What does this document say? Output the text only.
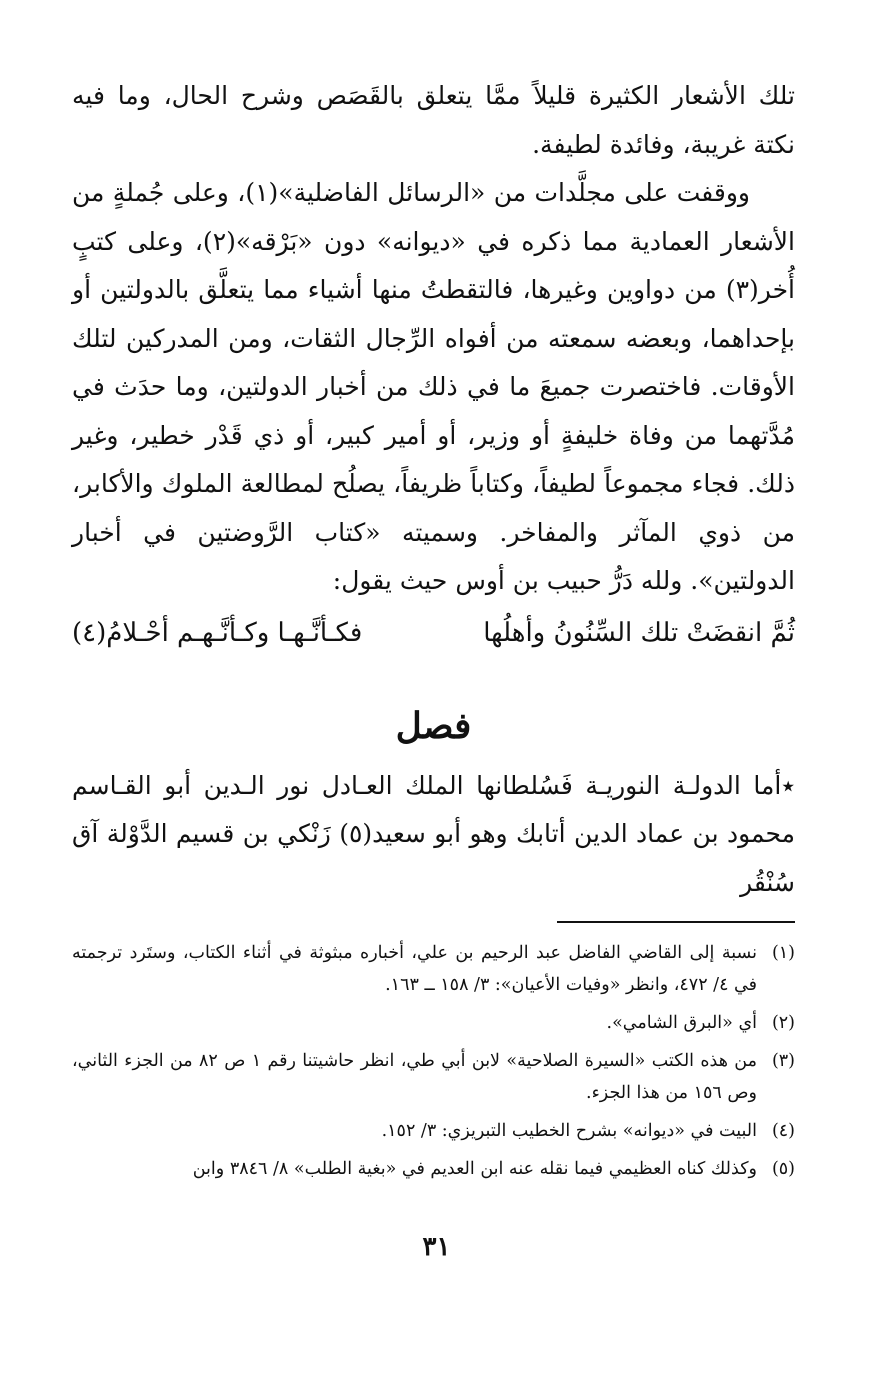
تلك الأشعار الكثيرة قليلاً ممَّا يتعلق بالقَصَص وشرح الحال، وما فيه نكتة غريبة، وفائدة لطيفة.

ووقفت على مجلَّدات من «الرسائل الفاضلية»(١)، وعلى جُملةٍ من الأشعار العمادية مما ذكره في «ديوانه» دون «بَرْقه»(٢)، وعلى كتبٍ أُخر(٣) من دواوين وغيرها، فالتقطتُ منها أشياء مما يتعلَّق بالدولتين أو بإحداهما، وبعضه سمعته من أفواه الرِّجال الثقات، ومن المدركين لتلك الأوقات. فاختصرت جميعَ ما في ذلك من أخبار الدولتين، وما حدَث في مُدَّتهما من وفاة خليفةٍ أو وزير، أو أمير كبير، أو ذي قَدْر خطير، وغير ذلك. فجاء مجموعاً لطيفاً، وكتاباً ظريفاً، يصلُح لمطالعة الملوك والأكابر، من ذوي المآثر والمفاخر. وسميته «كتاب الرَّوضتين في أخبار الدولتين». ولله دَرُّ حبيب بن أوس حيث يقول:

ثُمَّ انقضَتْ تلك السِّنُونُ وأهلُها
فكـأنَّـهـا وكـأنَّـهـم أحْـلامُ(٤)
فصل

٭أما الدولـة النوريـة فَسُلطانها الملك العـادل نور الـدين أبو القـاسم محمود بن عماد الدين أتابك وهو أبو سعيد(٥) زَنْكي بن قسيم الدَّوْلة آق سُنْقُر

(١)نسبة إلى القاضي الفاضل عبد الرحيم بن علي، أخباره مبثوثة في أثناء الكتاب، وستَرد ترجمته في ٤/ ٤٧٢، وانظر «وفيات الأعيان»: ٣/ ١٥٨ ــ ١٦٣.

(٢)أي «البرق الشامي».

(٣)من هذه الكتب «السيرة الصلاحية» لابن أبي طي، انظر حاشيتنا رقم ١ ص ٨٢ من الجزء الثاني، وص ١٥٦ من هذا الجزء.

(٤)البيت في «ديوانه» بشرح الخطيب التبريزي: ٣/ ١٥٢.

(٥)وكذلك كناه العظيمي فيما نقله عنه ابن العديم في «بغية الطلب» ٨/ ٣٨٤٦ وابن

٣١
